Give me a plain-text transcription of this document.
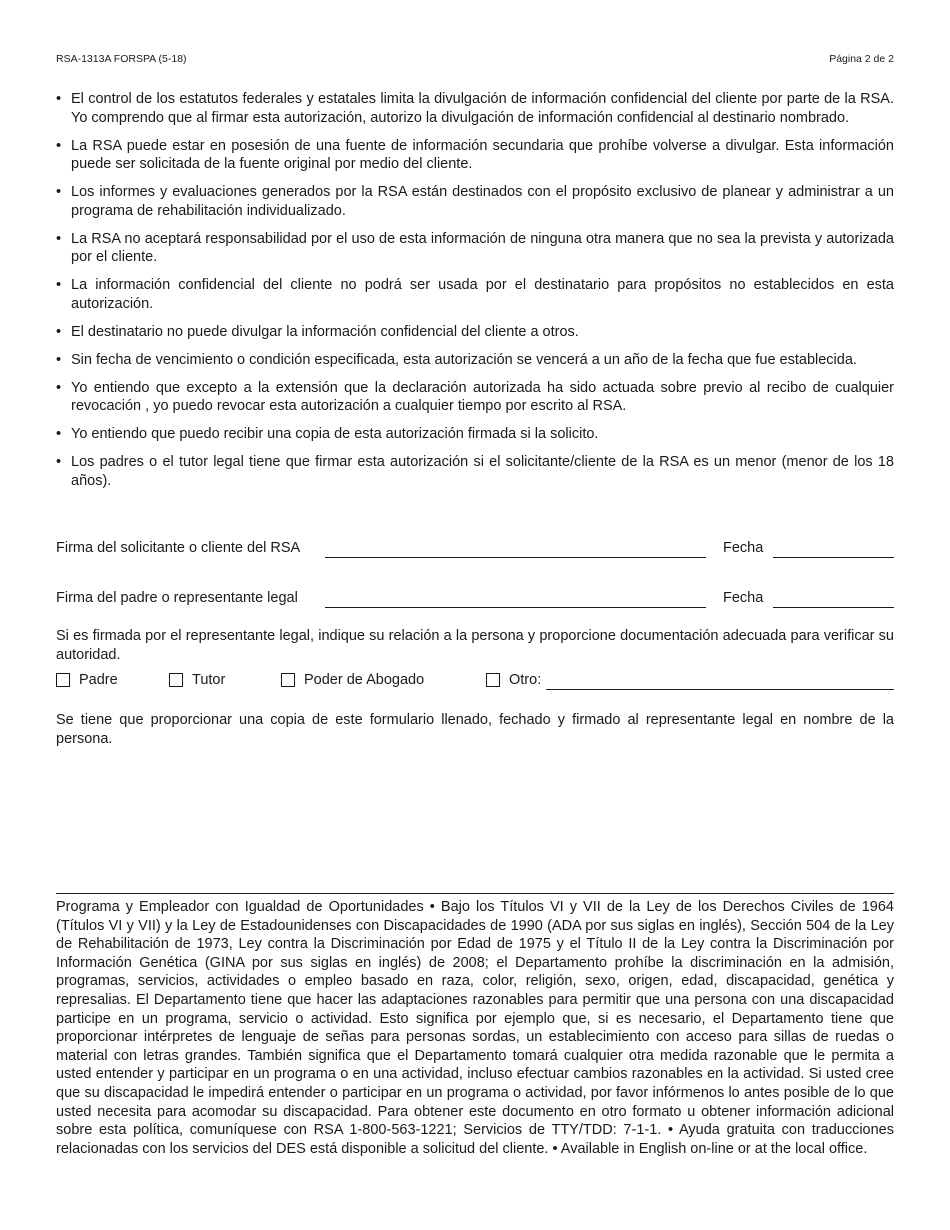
RSA-1313A FORSPA (5-18)	Página 2 de 2
• El control de los estatutos federales y estatales limita la divulgación de información confidencial del cliente por parte de la RSA. Yo comprendo que al firmar esta autorización, autorizo la divulgación de información confidencial al destinario nombrado.
• La RSA puede estar en posesión de una fuente de información secundaria que prohíbe volverse a divulgar. Esta información puede ser solicitada de la fuente original por medio del cliente.
• Los informes y evaluaciones generados por la RSA están destinados con el propósito exclusivo de planear y administrar a un programa de rehabilitación individualizado.
• La RSA no aceptará responsabilidad por el uso de esta información de ninguna otra manera que no sea la prevista y autorizada por el cliente.
• La información confidencial del cliente no podrá ser usada por el destinatario para propósitos no establecidos en esta autorización.
• El destinatario no puede divulgar la información confidencial del cliente a otros.
• Sin fecha de vencimiento o condición especificada, esta autorización se vencerá a un año de la fecha que fue establecida.
• Yo entiendo que excepto a la extensión que la declaración autorizada ha sido actuada sobre previo al recibo de cualquier revocación , yo puedo revocar esta autorización a cualquier tiempo por escrito al RSA.
• Yo entiendo que puedo recibir una copia de esta autorización firmada si la solicito.
• Los padres o el tutor legal tiene que firmar esta autorización si el solicitante/cliente de la RSA es un menor (menor de los 18 años).
Firma del solicitante o cliente del RSA	Fecha
Firma del padre o representante legal	Fecha
Si es firmada por el representante legal, indique su relación a la persona y proporcione documentación adecuada para verificar su autoridad.
Padre	Tutor	Poder de Abogado	Otro:
Se tiene que proporcionar una copia de este formulario llenado, fechado y firmado al representante legal en nombre de la persona.
Programa y Empleador con Igualdad de Oportunidades • Bajo los Títulos VI y VII de la Ley de los Derechos Civiles de 1964 (Títulos VI y VII) y la Ley de Estadounidenses con Discapacidades de 1990 (ADA por sus siglas en inglés), Sección 504 de la Ley de Rehabilitación de 1973, Ley contra la Discriminación por Edad de 1975 y el Título II de la Ley contra la Discriminación por Información Genética (GINA por sus siglas en inglés) de 2008; el Departamento prohíbe la discriminación en la admisión, programas, servicios, actividades o empleo basado en raza, color, religión, sexo, origen, edad, discapacidad, genética y represalias. El Departamento tiene que hacer las adaptaciones razonables para permitir que una persona con una discapacidad participe en un programa, servicio o actividad. Esto significa por ejemplo que, si es necesario, el Departamento tiene que proporcionar intérpretes de lenguaje de señas para personas sordas, un establecimiento con acceso para sillas de ruedas o material con letras grandes. También significa que el Departamento tomará cualquier otra medida razonable que le permita a usted entender y participar en un programa o en una actividad, incluso efectuar cambios razonables en la actividad. Si usted cree que su discapacidad le impedirá entender o participar en un programa o actividad, por favor infórmenos lo antes posible de lo que usted necesita para acomodar su discapacidad. Para obtener este documento en otro formato u obtener información adicional sobre esta política, comuníquese con RSA 1-800-563-1221; Servicios de TTY/TDD: 7-1-1. • Ayuda gratuita con traducciones relacionadas con los servicios del DES está disponible a solicitud del cliente. • Available in English on-line or at the local office.
